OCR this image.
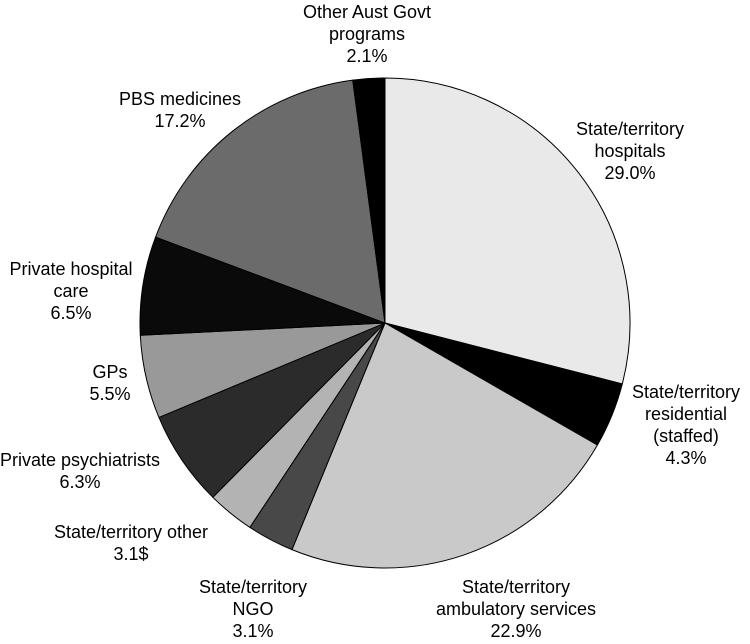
State/territory
hospitals
29.0%
State/territory
residential
(staffed)
4.3%
State/territory
ambulatory services
22.9%
State/territory
NGO
3.1%
State/territory other
3.1$
Private psychiatrists
6.3%
GPs
5.5%
Private hospital
care
6.5%
PBS medicines
17.2%
Other Aust Govt
programs
2.1%
